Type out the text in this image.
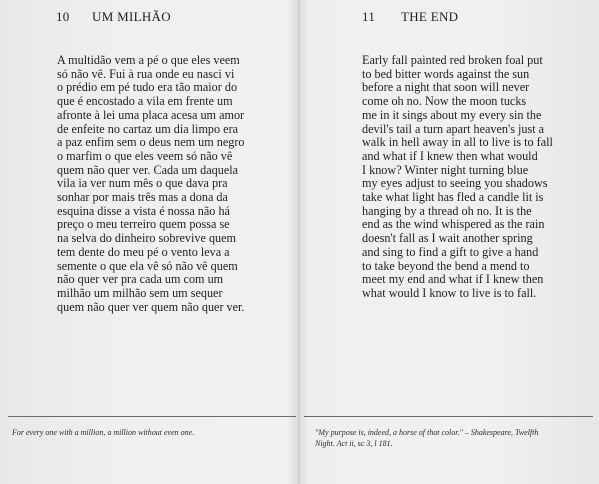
10 UM MILHÃO
A multidão vem a pé o que eles veem
só não vê. Fui à rua onde eu nasci vi
o prédio em pé tudo era tão maior do
que é encostado a vila em frente um
afronte à lei uma placa acesa um amor
de enfeite no cartaz um dia limpo era
a paz enfim sem o deus nem um negro
o marfim o que eles veem só não vê
quem não quer ver. Cada um daquela
vila ia ver num mês o que dava pra
sonhar por mais três mas a dona da
esquina disse a vista é nossa não há
preço o meu terreiro quem possa se
na selva do dinheiro sobrevive quem
tem dente do meu pé o vento leva a
semente o que ela vê só não vê quem
não quer ver pra cada um com um
milhão um milhão sem um sequer
quem não quer ver quem não quer ver.
For every one with a million, a million without even one.
11 THE END
Early fall painted red broken foal put
to bed bitter words against the sun
before a night that soon will never
come oh no. Now the moon tucks
me in it sings about my every sin the
devil's tail a turn apart heaven's just a
walk in hell away in all to live is to fall
and what if I knew then what would
I know? Winter night turning blue
my eyes adjust to seeing you shadows
take what light has fled a candle lit is
hanging by a thread oh no. It is the
end as the wind whispered as the rain
doesn't fall as I wait another spring
and sing to find a gift to give a hand
to take beyond the bend a mend to
meet my end and what if I knew then
what would I know to live is to fall.
"My purpose is, indeed, a horse of that color." – Shakespeare, Twelfth
Night. Act ii, sc 3, l 181.
